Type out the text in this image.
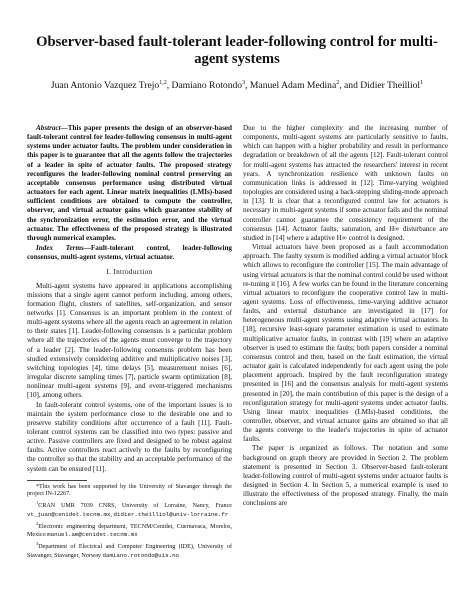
Observer-based fault-tolerant leader-following control for multi-agent systems

Juan Antonio Vazquez Trejo$^{1,2}$, Damiano Rotondo$^3$, Manuel Adam Medina$^2$, and Didier Theilliol$^1$

Abstract—This paper presents the design of an observer-based fault-tolerant control for leader-following consensus in multi-agent systems under actuator faults. The problem under consideration in this paper is to guarantee that all the agents follow the trajectories of a leader in spite of actuator faults. The proposed strategy reconfigures the leader-following nominal control preserving an acceptable consensus performance using distributed virtual actuators for each agent. Linear matrix inequalities (LMIs)-based sufficient conditions are obtained to compute the controller, observer, and virtual actuator gains which guarantee stability of the synchronization error, the estimation error, and the virtual actuator. The effectiveness of the proposed strategy is illustrated through numerical examples.

Index Terms—Fault-tolerant control, leader-following consensus, multi-agent systems, virtual actuator.

I. Introduction

Multi-agent systems have appeared in applications accomplishing missions that a single agent cannot perform including, among others, formation flight, clusters of satellites, self-organization, and sensor networks [1]. Consensus is an important problem in the context of multi-agent systems where all the agents reach an agreement in relation to their states [1]. Leader-following consensus is a particular problem where all the trajectories of the agents must converge to the trajectory of a leader [2]. The leader-following consensus problem has been studied extensively considering additive and multiplicative noises [3], switching topologies [4], time delays [5], measurement noises [6], irregular discrete sampling times [7], particle swarm optimization [8], nonlinear multi-agent systems [9], and event-triggered mechanisms [10], among others.

In fault-tolerant control systems, one of the important issues is to maintain the system performance close to the desirable one and to preserve stability conditions after occurrence of a fault [11]. Fault-tolerant control systems can be classified into two types: passive and active. Passive controllers are fixed and designed to be robust against faults. Active controllers react actively to the faults by reconfiguring the controller so that the stability and an acceptable performance of the system can be ensured [11].

*This work has been supported by the University of Stavanger through the project IN-12267.

$^1$CRAN UMR 7039 CNRS, University of Lorraine, Nancy, France vt_juan@cenidet.tecnm.mx, didier.theilliol@univ-lorraine.fr

$^2$Electronic engineering department, TECNM/Cenidet, Cuernavaca, Morelos, Mexico manuel.am@cenidet.tecnm.mx

$^3$Department of Electrical and Computer Engineering (IDE), University of Stavanger, Stavanger, Norway damiano.rotondo@uis.no

Due to the higher complexity and the increasing number of components, multi-agent systems are particularly sensitive to faults, which can happen with a higher probability and result in performance degradation or breakdown of all the agents [12]. Fault-tolerant control for multi-agent systems has attracted the researchers' interest in recent years. A synchronization resilience with unknown faults on communication links is addressed in [12]. Time-varying weighted topologies are considered using a back-stepping sliding-mode approach in [13]. It is clear that a reconfigured control law for actuators is necessary in multi-agent systems if some actuator fails and the nominal controller cannot guarantee the consistency requirement of the consensus [14]. Actuator faults, saturation, and H∞ disturbance are studied in [14] where a adaptive H∞ control is designed.

Virtual actuators have been proposed as a fault accommodation approach. The faulty system is modified adding a virtual actuator block which allows to reconfigure the controller [15]. The main advantage of using virtual actuators is that the nominal control could be used without re-tuning it [16]. A few works can be found in the literature concerning virtual actuators to reconfigure the cooperative control law in multi-agent systems. Loss of effectiveness, time-varying additive actuator faults, and external disturbance are investigated in [17] for heterogeneous multi-agent systems using adaptive virtual actuators. In [18], recursive least-square parameter estimation is used to estimate multiplicative actuator faults, in contrast with [19] where an adaptive observer is used to estimate the faults; both papers consider a nominal consensus control and then, based on the fault estimation, the virtual actuator gain is calculated independently for each agent using the pole placement approach. Inspired by the fault reconfiguration strategy presented in [16] and the consensus analysis for multi-agent systems presented in [20], the main contribution of this paper is the design of a reconfiguration strategy for multi-agent systems under actuator faults. Using linear matrix inequalities (LMIs)-based conditions, the controller, observer, and virtual actuator gains are obtained so that all the agents converge to the leader's trajectories in spite of actuator faults.

The paper is organized as follows. The notation and some background on graph theory are provided in Section 2. The problem statement is presented in Section 3. Observer-based fault-tolerant leader-following control of multi-agent systems under actuator faults is designed in Section 4. In Section 5, a numerical example is used to illustrate the effectiveness of the proposed strategy. Finally, the main conclusions are
